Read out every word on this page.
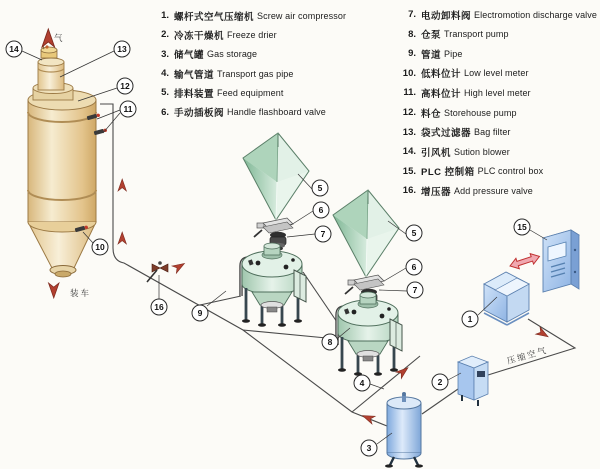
气
装车
压缩空气
14	13
12
11
10
16
9
5
6
7	5
6
7
8
4
3
2
1
15
1. 螺杆式空气压缩机 Screw air compressor
2. 冷冻干燥机 Freeze drier
3. 储气罐 Gas storage
4. 输气管道 Transport gas pipe
5. 排料装置 Feed equipment
6. 手动插板阀 Handle flashboard valve
7. 电动卸料阀 Electromotion discharge valve
8. 仓泵 Transport pump
9. 管道 Pipe
10. 低料位计 Low level meter
11. 高料位计 High level meter
12. 料仓 Storehouse pump
13. 袋式过滤器 Bag filter
14. 引风机 Sution blower
15. PLC 控制箱 PLC control box
16. 增压器 Add pressure valve
